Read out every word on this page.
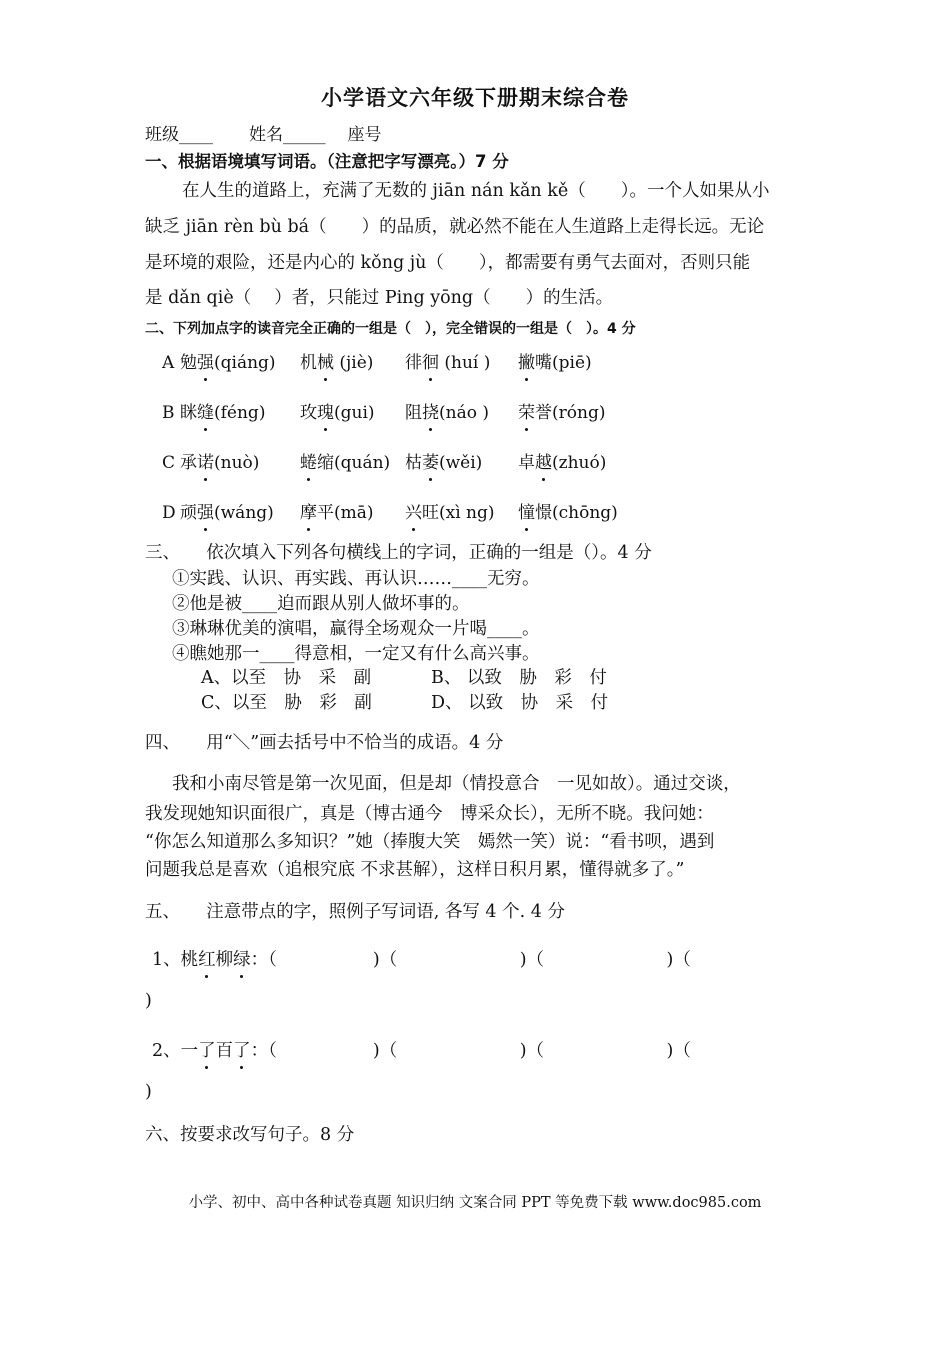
小学语文六年级下册期末综合卷
班级____ 姓名_____ 座号
一、根据语境填写词语。（注意把字写漂亮。）7 分
在人生的道路上，充满了无数的 jiān nán kǎn kě（　　）。一个人如果从小
缺乏 jiān rèn bù bá（　　）的品质，就必然不能在人生道路上走得长远。无论
是环境的艰险，还是内心的 kǒng jù（　　），都需要有勇气去面对，否则只能
是 dǎn qiè（　 ）者，只能过 Ping yōng（　　）的生活。
二、下列加点字的读音完全正确的一组是（　），完全错误的一组是（　）。4 分
A 勉强(qiáng) 机械 (jiè) 徘徊 (huí ) 撇嘴(piē)
B 眯缝(féng) 玫瑰(gui) 阻挠(náo ) 荣誉(róng)
C 承诺(nuò) 蜷缩(quán) 枯萎(wěi) 卓越(zhuó)
D 顽强(wáng) 摩平(mā) 兴旺(xì ng) 憧憬(chōng)
三、　　依次填入下列各句横线上的字词，正确的一组是（）。4 分
①实践、认识、再实践、再认识……____无穷。
②他是被____迫而跟从别人做坏事的。
③琳琳优美的演唱，赢得全场观众一片喝____。
④瞧她那一____得意相，一定又有什么高兴事。
A、以至　协　采　副	B、 以致　胁　彩　付
C、以至　胁　彩　副	D、 以致　协　采　付
四、　　用“＼”画去括号中不恰当的成语。4 分
我和小南尽管是第一次见面，但是却（情投意合　一见如故）。通过交谈，
我发现她知识面很广，真是（博古通今　博采众长），无所不晓。我问她：
“你怎么知道那么多知识？”她（捧腹大笑　嫣然一笑）说：“看书呗，遇到
问题我总是喜欢（追根究底 不求甚解），这样日积月累，懂得就多了。”
五、　　注意带点的字，照例子写词语, 各写 4 个. 4 分
1、桃红柳绿：（	)（　　　　　　　)（　　　　　　　)（
)
2、一了百了：（	)（　　　　　　　)（　　　　　　　)（
)
六、按要求改写句子。8 分
小学、初中、高中各种试卷真题 知识归纳 文案合同 PPT 等免费下载 www.doc985.com
